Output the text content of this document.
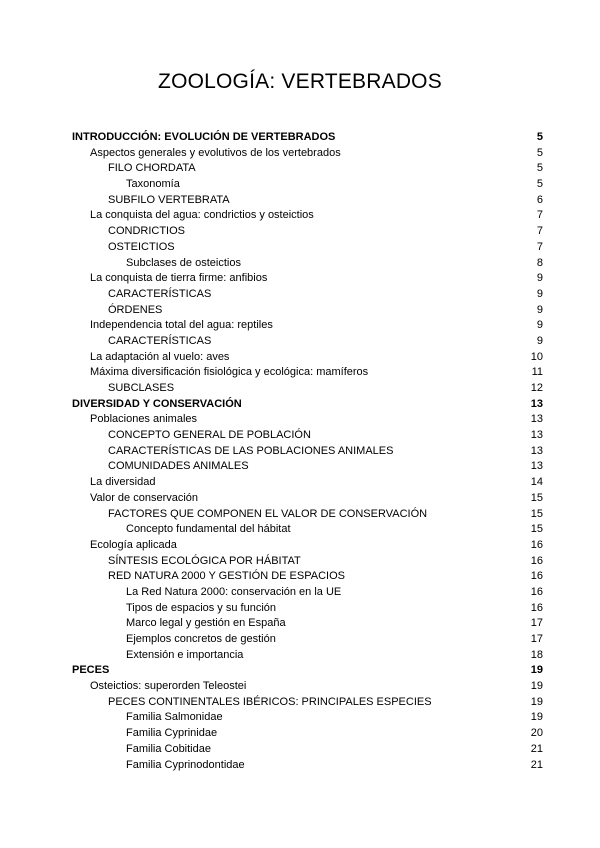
ZOOLOGÍA: VERTEBRADOS
INTRODUCCIÓN: EVOLUCIÓN DE VERTEBRADOS	5
Aspectos generales y evolutivos de los vertebrados	5
FILO CHORDATA	5
Taxonomía	5
SUBFILO VERTEBRATA	6
La conquista del agua: condrictios y osteictios	7
CONDRICTIOS	7
OSTEICTIOS	7
Subclases de osteictios	8
La conquista de tierra firme: anfibios	9
CARACTERÍSTICAS	9
ÓRDENES	9
Independencia total del agua: reptiles	9
CARACTERÍSTICAS	9
La adaptación al vuelo: aves	10
Máxima diversificación fisiológica y ecológica: mamíferos	11
SUBCLASES	12
DIVERSIDAD Y CONSERVACIÓN	13
Poblaciones animales	13
CONCEPTO GENERAL DE POBLACIÓN	13
CARACTERÍSTICAS DE LAS POBLACIONES ANIMALES	13
COMUNIDADES ANIMALES	13
La diversidad	14
Valor de conservación	15
FACTORES QUE COMPONEN EL VALOR DE CONSERVACIÓN	15
Concepto fundamental del hábitat	15
Ecología aplicada	16
SÍNTESIS ECOLÓGICA POR HÁBITAT	16
RED NATURA 2000 Y GESTIÓN DE ESPACIOS	16
La Red Natura 2000: conservación en la UE	16
Tipos de espacios y su función	16
Marco legal y gestión en España	17
Ejemplos concretos de gestión	17
Extensión e importancia	18
PECES	19
Osteictios: superorden Teleostei	19
PECES CONTINENTALES IBÉRICOS: PRINCIPALES ESPECIES	19
Familia Salmonidae	19
Familia Cyprinidae	20
Familia Cobitidae	21
Familia Cyprinodontidae	21
